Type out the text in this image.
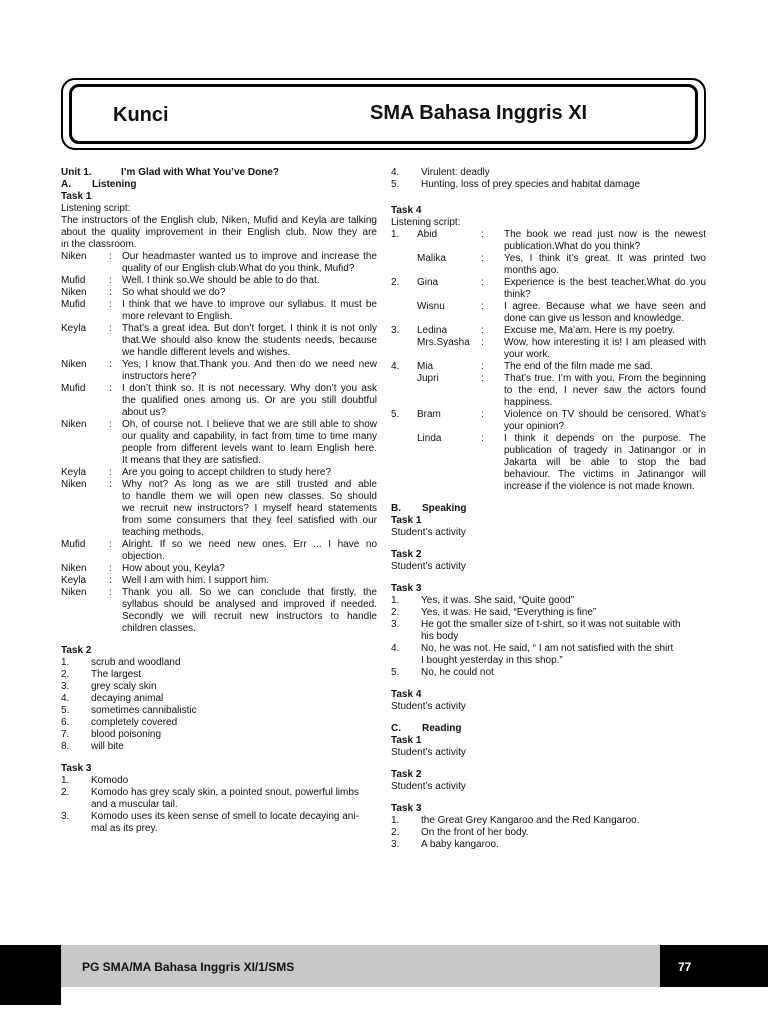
Kunci	SMA Bahasa Inggris XI
Unit 1.	I’m Glad with What You’ve Done?
A.	Listening
Task 1
Listening script:
The instructors of the English club, Niken, Mufid and Keyla are talking
about the quality improvement in their English club. Now they are
in the classroom.
Niken	:	Our headmaster wanted us to improve and increase the
quality of our English club.What do you think, Mufid?
Mufid	:	Well. I think so.We should be able to do that.
Niken	:	So what should we do?
Mufid	:	I think that we have to improve our syllabus. It must be
more relevant to English.
Keyla	:	That’s a great idea. But don’t forget. I think it is not only
that.We should also know the students needs, because
we handle different levels and wishes.
Niken	:	Yes, I know that.Thank you. And then do we need new
instructors here?
Mufid	:	I don’t think so. It is not necessary. Why don’t you ask
the qualified ones among us. Or are you still doubtful
about us?
Niken	:	Oh, of course not. I believe that we are still able to show
our quality and capability, in fact from time to time many
people from different levels want to learn English here.
It means that they are satisfied.
Keyla	:	Are you going to accept children to study here?
Niken	:	Why not? As long as we are still trusted and able
to handle them we will open new classes. So should
we recruit new instructors? I myself heard statements
from some consumers that they feel satisfied with our
teaching methods.
Mufid	:	Alright. If so we need new ones. Err ... I have no
objection.
Niken	:	How about you, Keyla?
Keyla	:	Well I am with him. I support him.
Niken	:	Thank you all. So we can conclude that firstly, the
syllabus should be analysed and improved if needed.
Secondly we will recruit new instructors to handle
children classes.
Task 2
1.	scrub and woodland
2.	The largest
3.	grey scaly skin
4.	decaying animal
5.	sometimes cannibalistic
6.	completely covered
7.	blood poisoning
8.	will bite
Task 3
1.	Komodo
2.	Komodo has grey scaly skin, a pointed snout, powerful limbs
and a muscular tail.
3.	Komodo uses its keen sense of smell to locate decaying ani-
mal as its prey.
4.	Virulent: deadly
5.	Hunting, loss of prey species and habitat damage
Task 4
Listening script:
1.	Abid	:	The book we read just now is the newest
publication.What do you think?
Malika	:	Yes, I think it’s great. It was printed two
months ago.
2.	Gina	:	Experience is the best teacher.What do you
think?
Wisnu	:	I agree. Because what we have seen and
done can give us lesson and knowledge.
3.	Ledina	:	Excuse me, Ma’am. Here is my poetry.
Mrs.Syasha	:	Wow, how interesting it is! I am pleased with
your work.
4.	Mia	:	The end of the film made me sad.
Jupri	:	That’s true. I’m with you. From the beginning
to the end, I never saw the actors found
happiness.
5.	Bram	:	Violence on TV should be censored. What’s
your opinion?
Linda	:	I think it depends on the purpose. The
publication of tragedy in Jatinangor or in
Jakarta will be able to stop the bad
behaviour. The victims in Jatinangor will
increase if the violence is not made known.
B.	Speaking
Task 1
Student’s activity
Task 2
Student’s activity
Task 3
1.	Yes, it was. She said, “Quite good”
2.	Yes, it was. He said, “Everything is fine”
3.	He got the smaller size of t-shirt, so it was not suitable with
his body
4.	No, he was not. He said, “ I am not satisfied with the shirt
I bought yesterday in this shop.”
5.	No, he could not
Task 4
Student’s activity
C.	Reading
Task 1
Student’s activity
Task 2
Student’s activity
Task 3
1.	the Great Grey Kangaroo and the Red Kangaroo.
2.	On the front of her body.
3.	A baby kangaroo.
PG SMA/MA Bahasa Inggris XI/1/SMS	77
